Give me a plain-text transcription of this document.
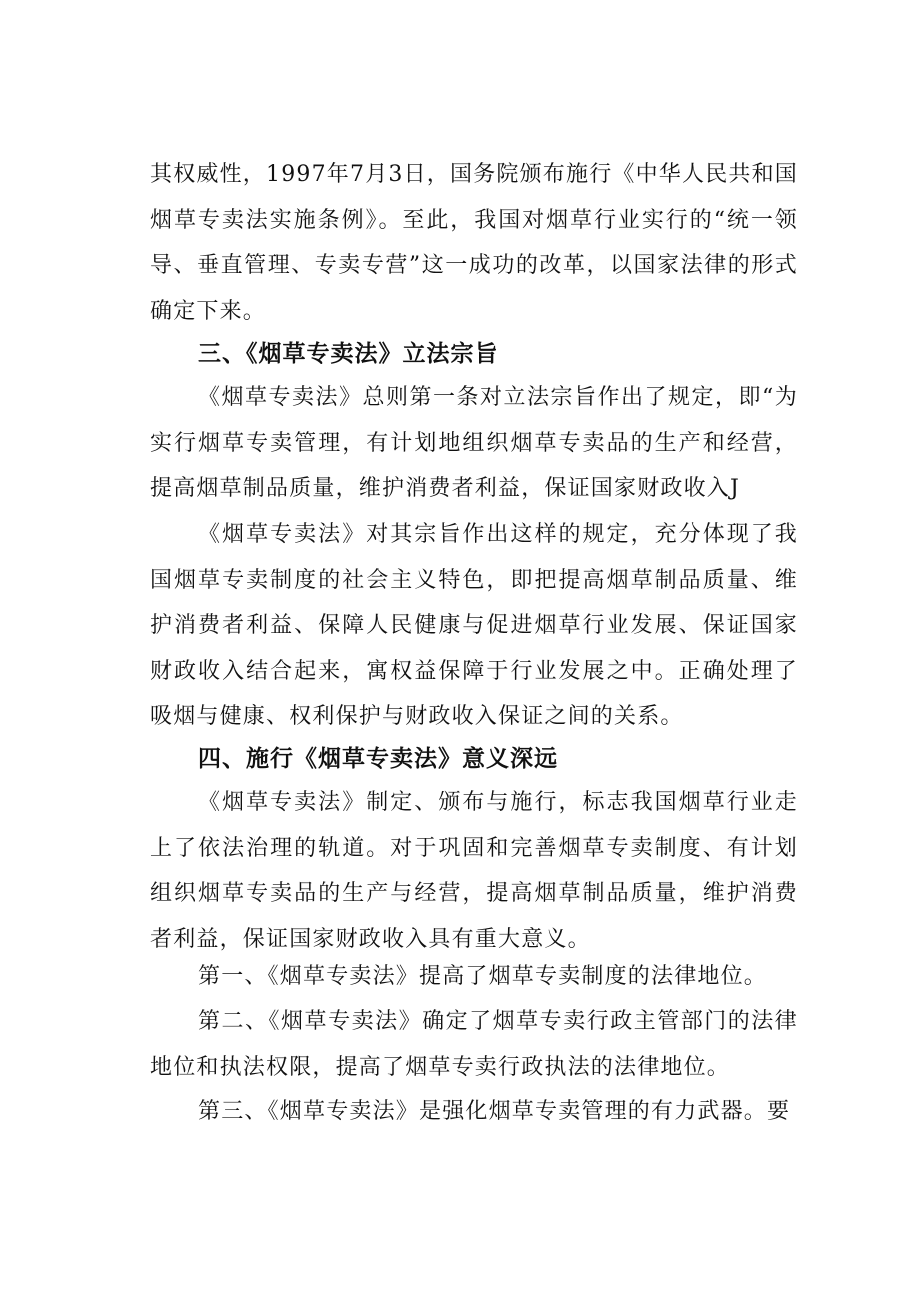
其权威性，1997年7月3日，国务院颁布施行《中华人民共和国烟草专卖法实施条例》。至此，我国对烟草行业实行的“统一领导、垂直管理、专卖专营”这一成功的改革，以国家法律的形式确定下来。

三、《烟草专卖法》立法宗旨

《烟草专卖法》总则第一条对立法宗旨作出了规定，即“为实行烟草专卖管理，有计划地组织烟草专卖品的生产和经营，提高烟草制品质量，维护消费者利益，保证国家财政收入J

《烟草专卖法》对其宗旨作出这样的规定，充分体现了我国烟草专卖制度的社会主义特色，即把提高烟草制品质量、维护消费者利益、保障人民健康与促进烟草行业发展、保证国家财政收入结合起来，寓权益保障于行业发展之中。正确处理了吸烟与健康、权利保护与财政收入保证之间的关系。

四、施行《烟草专卖法》意义深远

《烟草专卖法》制定、颁布与施行，标志我国烟草行业走上了依法治理的轨道。对于巩固和完善烟草专卖制度、有计划组织烟草专卖品的生产与经营，提高烟草制品质量，维护消费者利益，保证国家财政收入具有重大意义。

第一、《烟草专卖法》提高了烟草专卖制度的法律地位。

第二、《烟草专卖法》确定了烟草专卖行政主管部门的法律地位和执法权限，提高了烟草专卖行政执法的法律地位。

第三、《烟草专卖法》是强化烟草专卖管理的有力武器。要
